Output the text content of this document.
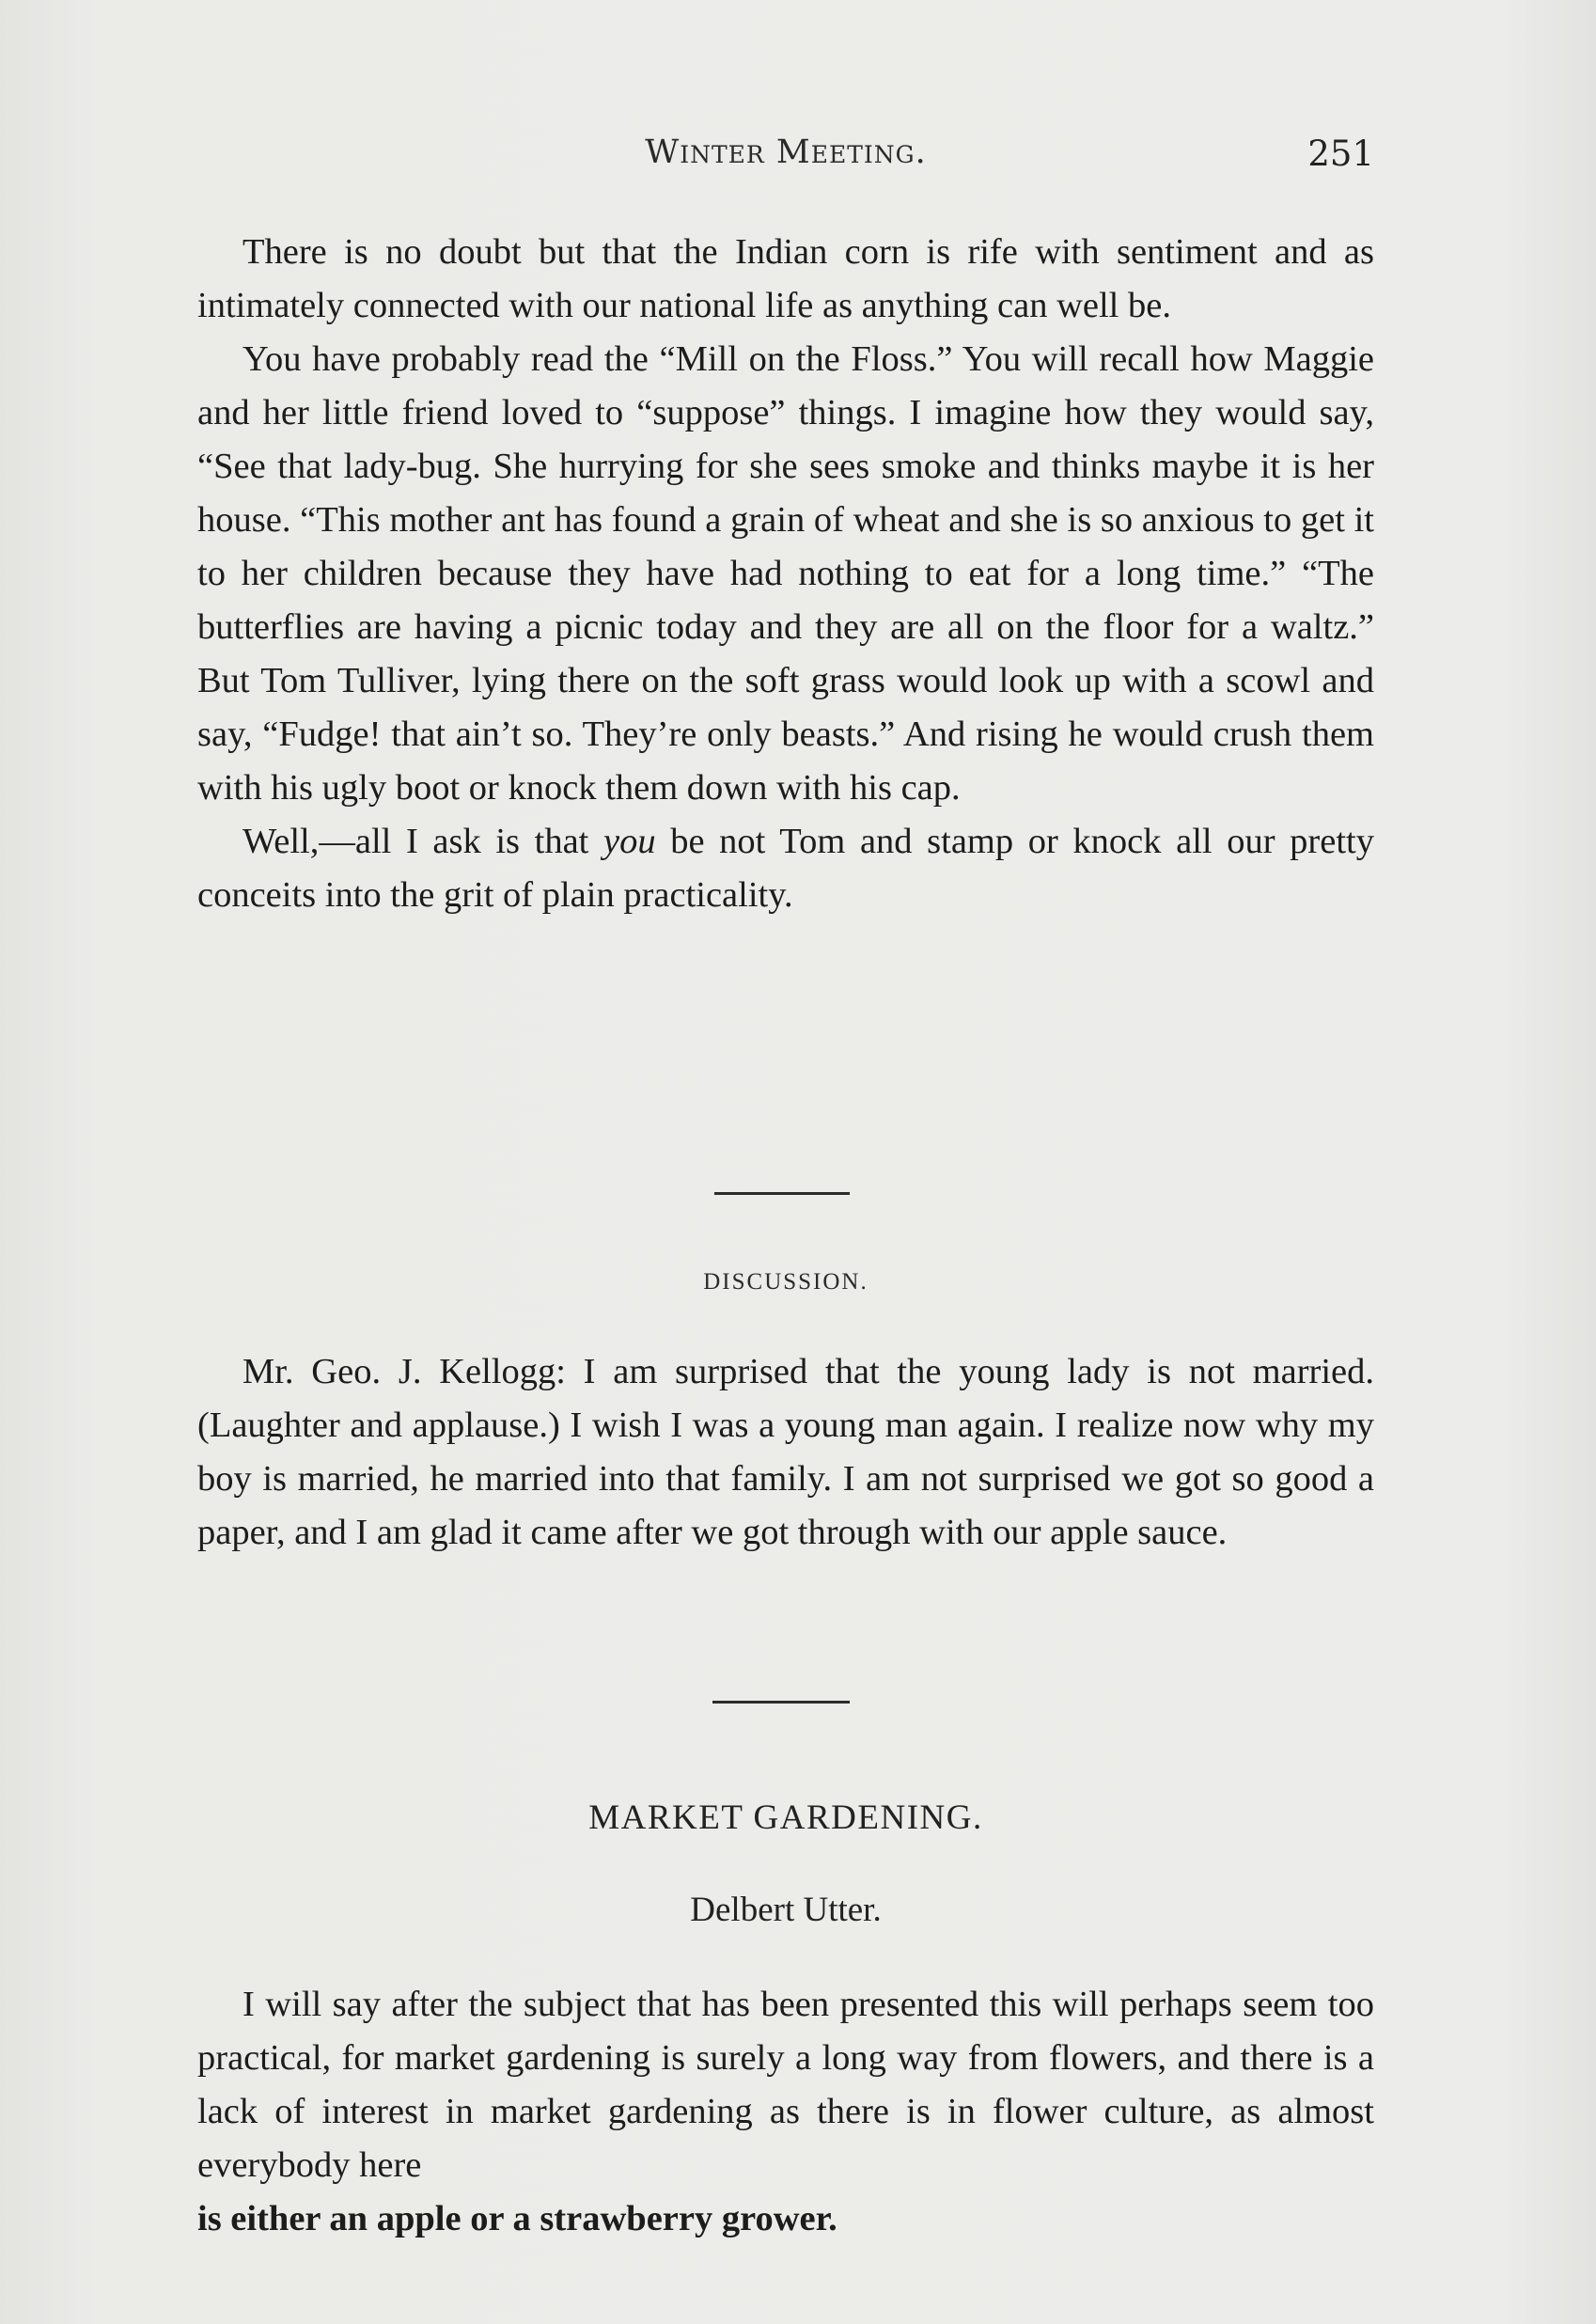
Winter Meeting.	251

There is no doubt but that the Indian corn is rife with sentiment and as intimately connected with our national life as anything can well be.

You have probably read the “Mill on the Floss.” You will recall how Maggie and her little friend loved to “suppose” things. I imagine how they would say, “See that lady-bug. She hurrying for she sees smoke and thinks maybe it is her house. “This mother ant has found a grain of wheat and she is so anxious to get it to her children because they have had nothing to eat for a long time.” “The butterflies are having a picnic today and they are all on the floor for a waltz.” But Tom Tulliver, lying there on the soft grass would look up with a scowl and say, “Fudge! that ain’t so. They’re only beasts.” And rising he would crush them with his ugly boot or knock them down with his cap.

Well,—all I ask is that you be not Tom and stamp or knock all our pretty conceits into the grit of plain practicality.

DISCUSSION.

Mr. Geo. J. Kellogg: I am surprised that the young lady is not married. (Laughter and applause.) I wish I was a young man again. I realize now why my boy is married, he married into that family. I am not surprised we got so good a paper, and I am glad it came after we got through with our apple sauce.

MARKET GARDENING.
Delbert Utter.

I will say after the subject that has been presented this will perhaps seem too practical, for market gardening is surely a long way from flowers, and there is a lack of interest in market gardening as there is in flower culture, as almost everybody here

is either an apple or a strawberry grower.
